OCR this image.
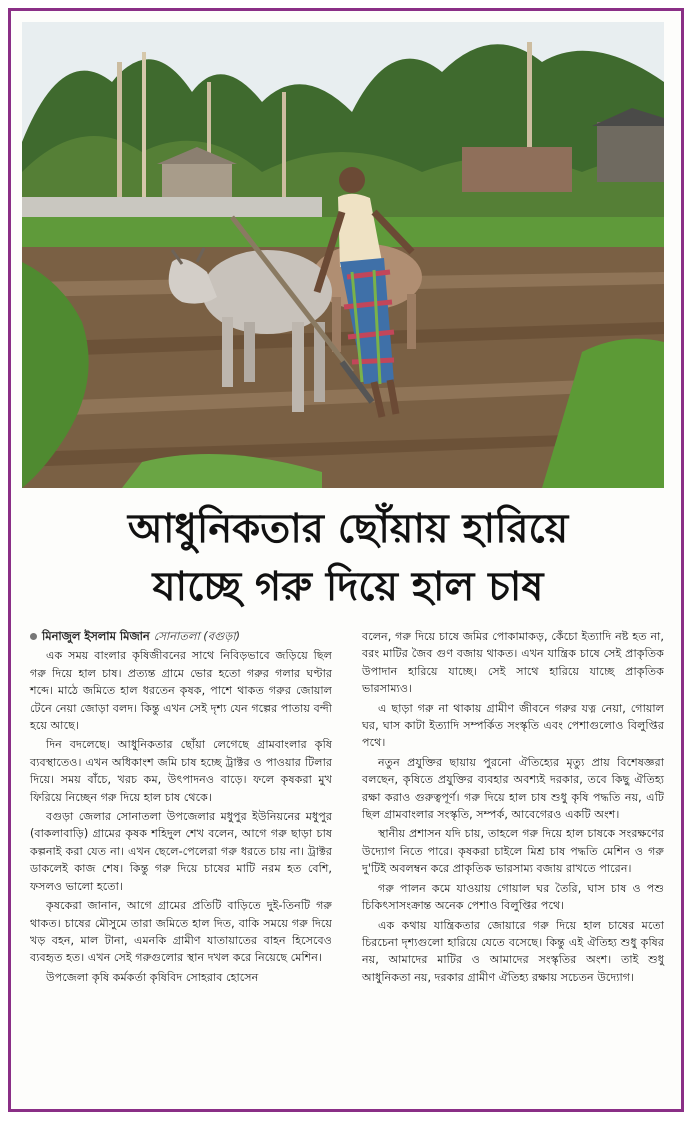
আধুনিকতার ছোঁয়ায় হারিয়ে
যাচ্ছে গরু দিয়ে হাল চাষ
মিনাজুল ইসলাম মিজান সোনাতলা (বগুড়া)

এক সময় বাংলার কৃষিজীবনের সাথে নিবিড়ভাবে জড়িয়ে ছিল গরু দিয়ে হাল চাষ। প্রত্যন্ত গ্রামে ভোর হতো গরুর গলার ঘণ্টার শব্দে। মাঠে জমিতে হাল ধরতেন কৃষক, পাশে থাকত গরুর জোয়াল টেনে নেয়া জোড়া বলদ। কিন্তু এখন সেই দৃশ্য যেন গল্পের পাতায় বন্দী হয়ে আছে।

দিন বদলেছে। আধুনিকতার ছোঁয়া লেগেছে গ্রামবাংলার কৃষি ব্যবস্থাতেও। এখন অধিকাংশ জমি চাষ হচ্ছে ট্রাক্টর ও পাওয়ার টিলার দিয়ে। সময় বাঁচে, খরচ কম, উৎপাদনও বাড়ে। ফলে কৃষকরা মুখ ফিরিয়ে নিচ্ছেন গরু দিয়ে হাল চাষ থেকে।

বগুড়া জেলার সোনাতলা উপজেলার মধুপুর ইউনিয়নের মধুপুর (বাকলাবাড়ি) গ্রামের কৃষক শহিদুল শেখ বলেন, আগে গরু ছাড়া চাষ কল্পনাই করা যেত না। এখন ছেলে-পেলেরা গরু ধরতে চায় না। ট্রাক্টর ডাকলেই কাজ শেষ। কিন্তু গরু দিয়ে চাষের মাটি নরম হত বেশি, ফসলও ভালো হতো।

কৃষকেরা জানান, আগে গ্রামের প্রতিটি বাড়িতে দুই-তিনটি গরু থাকত। চাষের মৌসুমে তারা জমিতে হাল দিত, বাকি সময়ে গরু দিয়ে খড় বহন, মাল টানা, এমনকি গ্রামীণ যাতায়াতের বাহন হিসেবেও ব্যবহৃত হত। এখন সেই গরুগুলোর স্থান দখল করে নিয়েছে মেশিন।

উপজেলা কৃষি কর্মকর্তা কৃষিবিদ সোহরাব হোসেন

বলেন, গরু দিয়ে চাষে জমির পোকামাকড়, কেঁচো ইত্যাদি নষ্ট হত না, বরং মাটির জৈব গুণ বজায় থাকত। এখন যান্ত্রিক চাষে সেই প্রাকৃতিক উপাদান হারিয়ে যাচ্ছে। সেই সাথে হারিয়ে যাচ্ছে প্রাকৃতিক ভারসাম্যও।

এ ছাড়া গরু না থাকায় গ্রামীণ জীবনে গরুর যত্ন নেয়া, গোয়াল ঘর, ঘাস কাটা ইত্যাদি সম্পর্কিত সংস্কৃতি এবং পেশাগুলোও বিলুপ্তির পথে।

নতুন প্রযুক্তির ছায়ায় পুরনো ঐতিহ্যের মৃত্যু প্রায় বিশেষজ্ঞরা বলছেন, কৃষিতে প্রযুক্তির ব্যবহার অবশ্যই দরকার, তবে কিছু ঐতিহ্য রক্ষা করাও গুরুত্বপূর্ণ। গরু দিয়ে হাল চাষ শুধু কৃষি পদ্ধতি নয়, এটি ছিল গ্রামবাংলার সংস্কৃতি, সম্পর্ক, আবেগেরও একটি অংশ।

স্থানীয় প্রশাসন যদি চায়, তাহলে গরু দিয়ে হাল চাষকে সংরক্ষণের উদ্যোগ নিতে পারে। কৃষকরা চাইলে মিশ্র চাষ পদ্ধতি মেশিন ও গরু দু'টিই অবলম্বন করে প্রাকৃতিক ভারসাম্য বজায় রাখতে পারেন।

গরু পালন কমে যাওয়ায় গোয়াল ঘর তৈরি, ঘাস চাষ ও পশু চিকিৎসাসংক্রান্ত অনেক পেশাও বিলুপ্তির পথে।

এক কথায় যান্ত্রিকতার জোয়ারে গরু দিয়ে হাল চাষের মতো চিরচেনা দৃশ্যগুলো হারিয়ে যেতে বসেছে। কিন্তু এই ঐতিহ্য শুধু কৃষির নয়, আমাদের মাটির ও আমাদের সংস্কৃতির অংশ। তাই শুধু আধুনিকতা নয়, দরকার গ্রামীণ ঐতিহ্য রক্ষায় সচেতন উদ্যোগ।
